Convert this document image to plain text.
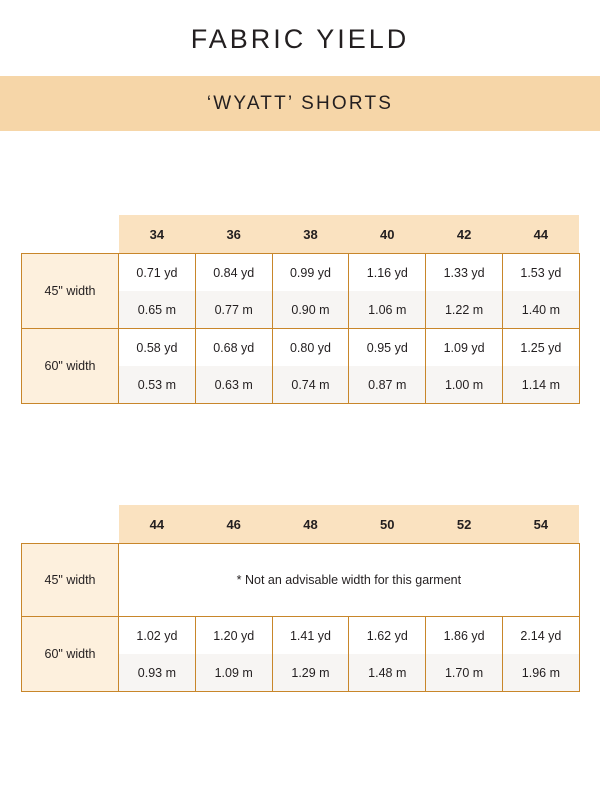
FABRIC YIELD
‘WYATT’ SHORTS
	34	36	38	40	42	44
45" width	0.71 yd	0.84 yd	0.99 yd	1.16 yd	1.33 yd	1.53 yd
	0.65 m	0.77 m	0.90 m	1.06 m	1.22 m	1.40 m
60" width	0.58 yd	0.68 yd	0.80 yd	0.95 yd	1.09 yd	1.25 yd
	0.53 m	0.63 m	0.74 m	0.87 m	1.00 m	1.14 m
	44	46	48	50	52	54
45" width	* Not an advisable width for this garment					
60" width	1.02 yd	1.20 yd	1.41 yd	1.62 yd	1.86 yd	2.14 yd
	0.93 m	1.09 m	1.29 m	1.48 m	1.70 m	1.96 m
